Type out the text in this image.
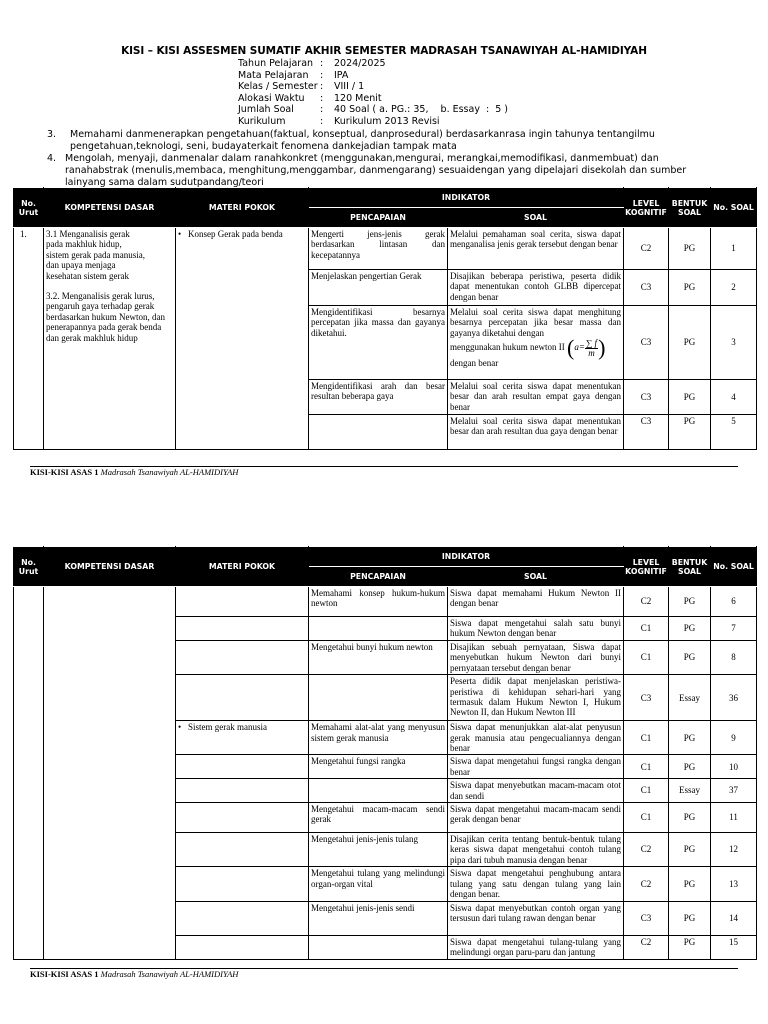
KISI – KISI ASSESMEN SUMATIF AKHIR SEMESTER MADRASAH TSANAWIYAH AL-HAMIDIYAH
Tahun Pelajaran :	2024/2025
Mata Pelajaran	:	IPA
Kelas / Semester :	VIII / 1
Alokasi Waktu	:	120 Menit
Jumlah Soal	:	40 Soal ( a. PG.: 35,    b. Essay  :  5 )
Kurikulum	:	Kurikulum 2013 Revisi
3.	Memahami danmenerapkan pengetahuan(faktual, konseptual, danprosedural) berdasarkanrasa ingin tahunya tentangilmu pengetahuan,teknologi, seni, budayaterkait fenomena dankejadian tampak mata
4. Mengolah, menyaji, danmenalar dalam ranahkonkret (menggunakan,mengurai, merangkai,memodifikasi, danmembuat) dan ranahabstrak (menulis,membaca, menghitung,menggambar, danmengarang) sesuaidengan yang dipelajari disekolah dan sumber lainyang sama dalam sudutpandang/teori
No. Urut	KOMPETENSI DASAR	MATERI POKOK	INDIKATOR		LEVEL KOGNITIF	BENTUK SOAL	No. SOAL
			PENCAPAIAN	SOAL			
1.	3.1 Menganalisis gerak pada makhluk hidup, sistem gerak pada manusia, dan upaya menjaga kesehatan sistem gerak

3.2. Menganalisis gerak lurus, pengaruh gaya terhadap gerak berdasarkan hukum Newton, dan penerapannya pada gerak benda dan gerak makhluk hidup	• Konsep Gerak pada benda	Mengerti jens-jenis gerak berdasarkan lintasan dan kecepatannya	Melalui pemahaman soal cerita, siswa dapat menganalisa jenis gerak tersebut dengan benar	C2	PG	1
			Menjelaskan pengertian Gerak	Disajikan beberapa peristiwa, peserta didik dapat menentukan contoh GLBB dipercepat dengan benar	C3	PG	2
			Mengidentifikasi besarnya percepatan jika massa dan gayanya diketahui.	Melalui soal cerita siswa dapat menghitung besarnya percepatan jika besar massa dan gayanya diketahui dengan
menggunakan hukum newton II $(a= \frac{\sum f}{m})$
dengan benar	C3	PG	3
			Mengidentifikasi arah dan besar resultan beberapa gaya	Melalui soal cerita siswa dapat menentukan besar dan arah resultan empat gaya dengan benar	C3	PG	4
				Melalui soal cerita siswa dapat menentukan besar dan arah resultan dua gaya dengan benar	C3	PG	5
KISI-KISI ASAS 1 Madrasah Tsanawiyah AL-HAMIDIYAH
No. Urut	KOMPETENSI DASAR	MATERI POKOK	INDIKATOR		LEVEL KOGNITIF	BENTUK SOAL	No. SOAL
			PENCAPAIAN	SOAL			
			Memahami konsep hukum-hukum newton	Siswa dapat memahami Hukum Newton II dengan benar	C2	PG	6
				Siswa dapat mengetahui salah satu bunyi hukum Newton dengan benar	C1	PG	7
			Mengetahui bunyi hukum newton	Disajikan sebuah pernyataan, Siswa dapat menyebutkan hukum Newton dari bunyi pernyataan tersebut dengan benar	C1	PG	8
				Peserta didik dapat menjelaskan peristiwa-peristiwa di kehidupan sehari-hari yang termasuk dalam Hukum Newton I, Hukum Newton II, dan Hukum Newton III	C3	Essay	36
		• Sistem gerak manusia	Memahami alat-alat yang menyusun sistem gerak manusia	Siswa dapat menunjukkan alat-alat penyusun gerak manusia atau pengecualiannya dengan benar	C1	PG	9
			Mengetahui fungsi rangka	Siswa dapat mengetahui fungsi rangka dengan benar	C1	PG	10
				Siswa dapat menyebutkan macam-macam otot dan sendi	C1	Essay	37
			Mengetahui macam-macam sendi gerak	Siswa dapat mengetahui macam-macam sendi gerak dengan benar	C1	PG	11
			Mengetahui jenis-jenis tulang	Disajikan cerita tentang bentuk-bentuk tulang keras siswa dapat mengetahui contoh tulang pipa dari tubuh manusia dengan benar	C2	PG	12
			Mengetahui tulang yang melindungi organ-organ vital	Siswa dapat mengetahui penghubung antara tulang yang satu dengan tulang yang lain dengan benar.	C2	PG	13
			Mengetahui jenis-jenis sendi	Siswa dapat menyebutkan contoh organ yang tersusun dari tulang rawan dengan benar	C3	PG	14
				Siswa dapat mengetahui tulang-tulang yang melindungi organ paru-paru dan jantung	C2	PG	15
KISI-KISI ASAS 1 Madrasah Tsanawiyah AL-HAMIDIYAH
